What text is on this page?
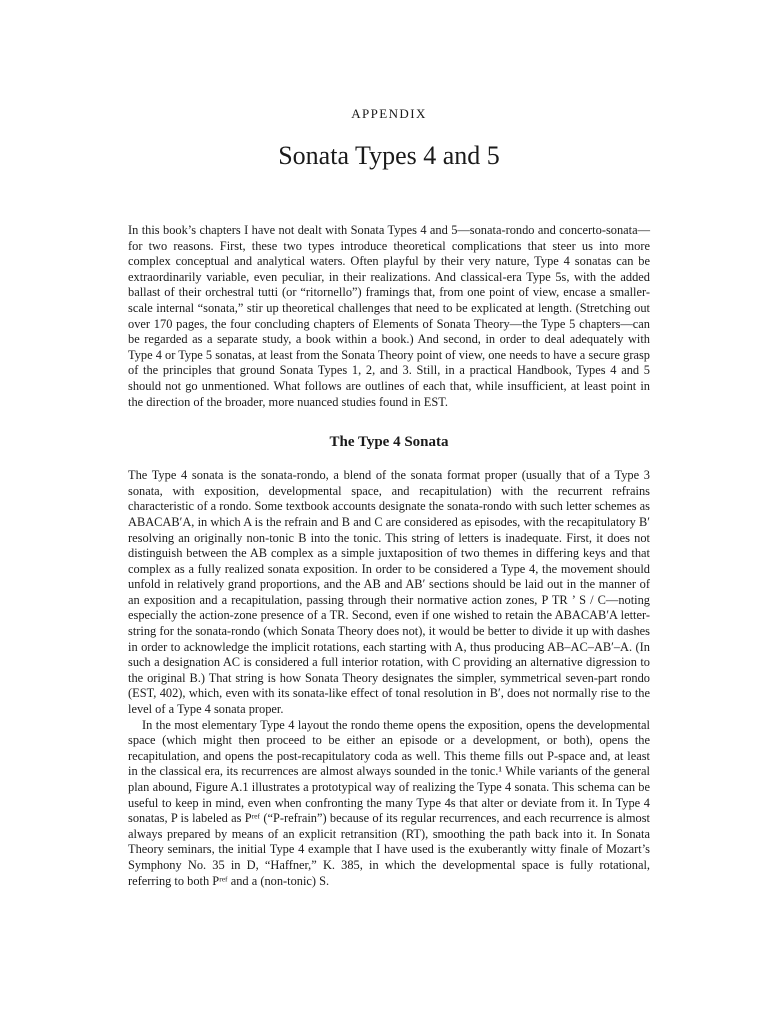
APPENDIX
Sonata Types 4 and 5

In this book’s chapters I have not dealt with Sonata Types 4 and 5—sonata-rondo and concerto-sonata—for two reasons. First, these two types introduce theoretical complications that steer us into more complex conceptual and analytical waters. Often playful by their very nature, Type 4 sonatas can be extraordinarily variable, even peculiar, in their realizations. And classical-era Type 5s, with the added ballast of their orchestral tutti (or “ritornello”) framings that, from one point of view, encase a smaller-scale internal “sonata,” stir up theoretical challenges that need to be explicated at length. (Stretching out over 170 pages, the four concluding chapters of Elements of Sonata Theory—the Type 5 chapters—can be regarded as a separate study, a book within a book.) And second, in order to deal adequately with Type 4 or Type 5 sonatas, at least from the Sonata Theory point of view, one needs to have a secure grasp of the principles that ground Sonata Types 1, 2, and 3. Still, in a practical Handbook, Types 4 and 5 should not go unmentioned. What follows are outlines of each that, while insufficient, at least point in the direction of the broader, more nuanced studies found in EST.

The Type 4 Sonata

The Type 4 sonata is the sonata-rondo, a blend of the sonata format proper (usually that of a Type 3 sonata, with exposition, developmental space, and recapitulation) with the recurrent refrains characteristic of a rondo. Some textbook accounts designate the sonata-rondo with such letter schemes as ABACAB′A, in which A is the refrain and B and C are considered as episodes, with the recapitulatory B′ resolving an originally non-tonic B into the tonic. This string of letters is inadequate. First, it does not distinguish between the AB complex as a simple juxtaposition of two themes in differing keys and that complex as a fully realized sonata exposition. In order to be considered a Type 4, the movement should unfold in relatively grand proportions, and the AB and AB′ sections should be laid out in the manner of an exposition and a recapitulation, passing through their normative action zones, P TR ’ S / C—noting especially the action-zone presence of a TR. Second, even if one wished to retain the ABACAB′A letter-string for the sonata-rondo (which Sonata Theory does not), it would be better to divide it up with dashes in order to acknowledge the implicit rotations, each starting with A, thus producing AB–AC–AB′–A. (In such a designation AC is considered a full interior rotation, with C providing an alternative digression to the original B.) That string is how Sonata Theory designates the simpler, symmetrical seven-part rondo (EST, 402), which, even with its sonata-like effect of tonal resolution in B′, does not normally rise to the level of a Type 4 sonata proper.

In the most elementary Type 4 layout the rondo theme opens the exposition, opens the developmental space (which might then proceed to be either an episode or a development, or both), opens the recapitulation, and opens the post-recapitulatory coda as well. This theme fills out P-space and, at least in the classical era, its recurrences are almost always sounded in the tonic.¹ While variants of the general plan abound, Figure A.1 illustrates a prototypical way of realizing the Type 4 sonata. This schema can be useful to keep in mind, even when confronting the many Type 4s that alter or deviate from it. In Type 4 sonatas, P is labeled as Pʳᵉᶠ (“P-refrain”) because of its regular recurrences, and each recurrence is almost always prepared by means of an explicit retransition (RT), smoothing the path back into it. In Sonata Theory seminars, the initial Type 4 example that I have used is the exuberantly witty finale of Mozart’s Symphony No. 35 in D, “Haffner,” K. 385, in which the developmental space is fully rotational, referring to both Pʳᵉᶠ and a (non-tonic) S.
